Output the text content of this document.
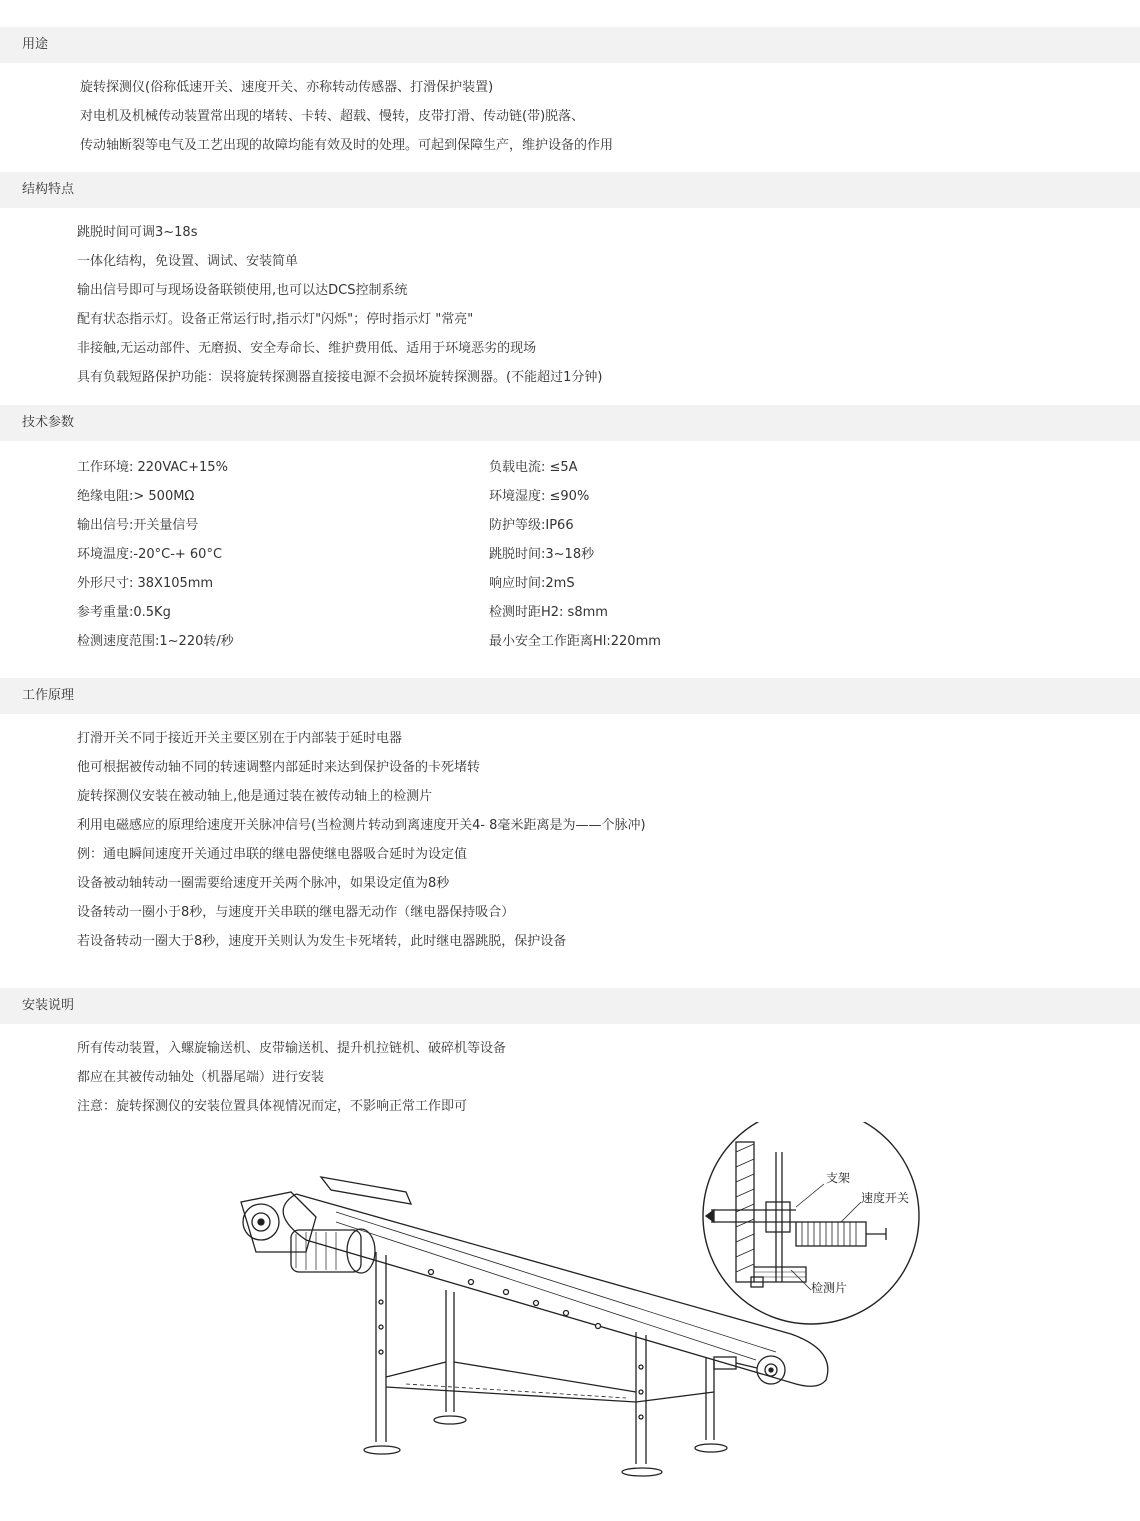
用途
旋转探测仪(俗称低速开关、速度开关、亦称转动传感器、打滑保护装置)
对电机及机械传动装置常出现的堵转、卡转、超载、慢转，皮带打滑、传动链(带)脱落、
传动轴断裂等电气及工艺出现的故障均能有效及时的处理。可起到保障生产，维护设备的作用
结构特点
跳脱时间可调3~18s
一体化结构，免设置、调试、安装简单
输出信号即可与现场设备联锁使用,也可以达DCS控制系统
配有状态指示灯。设备正常运行时,指示灯"闪烁"；停时指示灯 "常亮"
非接触,无运动部件、无磨损、安全寿命长、维护费用低、适用于环境恶劣的现场
具有负载短路保护功能：误将旋转探测器直接接电源不会损坏旋转探测器。(不能超过1分钟)
技术参数
工作环境: 220VAC+15%
绝缘电阻:> 500MΩ
输出信号:开关量信号
环境温度:-20°C-+ 60°C
外形尺寸: 38X105mm
参考重量:0.5Kg
检测速度范围:1~220转/秒
负载电流: ≤5A
环境湿度: ≤90%
防护等级:IP66
跳脱时间:3~18秒
响应时间:2mS
检测时距H2: s8mm
最小安全工作距离Hl:220mm
工作原理
打滑开关不同于接近开关主要区别在于内部装于延时电器
他可根据被传动轴不同的转速调整内部延时来达到保护设备的卡死堵转
旋转探测仪安装在被动轴上,他是通过装在被传动轴上的检测片
利用电磁感应的原理给速度开关脉冲信号(当检测片转动到离速度开关4- 8毫米距离是为——个脉冲)
例：通电瞬间速度开关通过串联的继电器使继电器吸合延时为设定值
设备被动轴转动一圈需要给速度开关两个脉冲，如果设定值为8秒
设备转动一圈小于8秒，与速度开关串联的继电器无动作（继电器保持吸合）
若设备转动一圈大于8秒，速度开关则认为发生卡死堵转，此时继电器跳脱，保护设备
安装说明
所有传动装置，入螺旋输送机、皮带输送机、提升机拉链机、破碎机等设备
都应在其被传动轴处（机器尾端）进行安装
注意：旋转探测仪的安装位置具体视情况而定，不影响正常工作即可
支架
速度开关
检测片
